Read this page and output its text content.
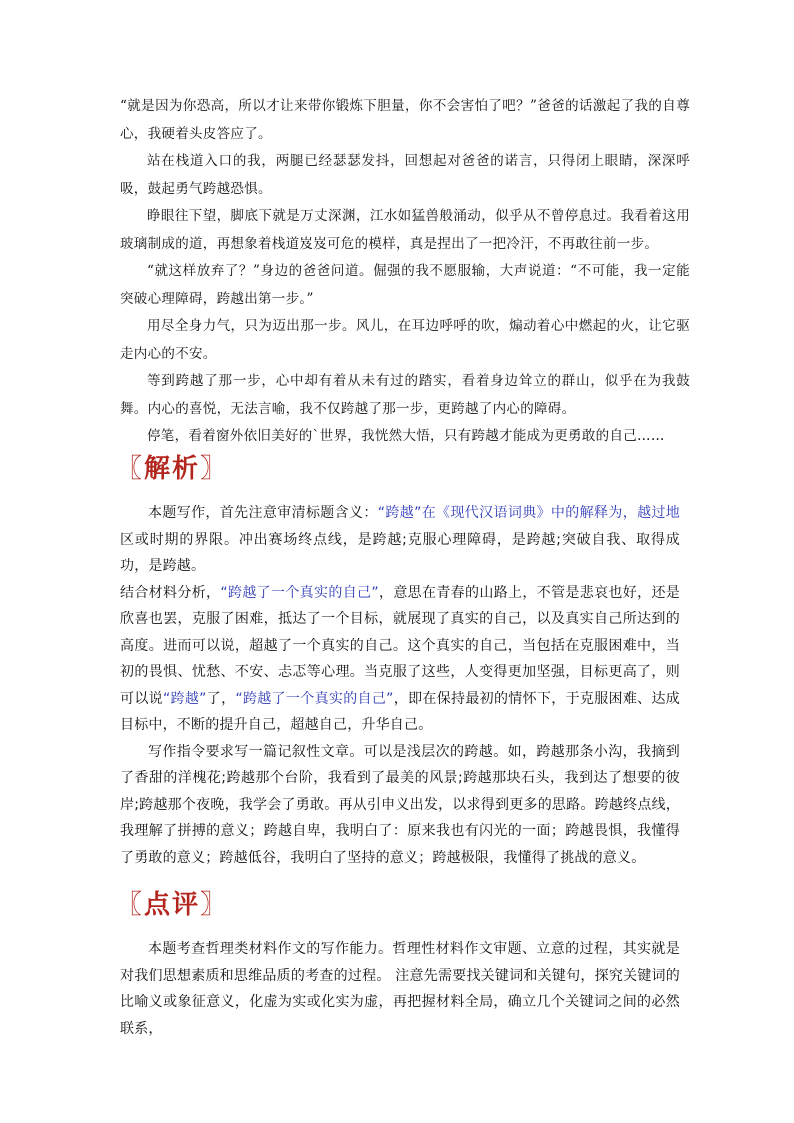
“就是因为你恐高，所以才让来带你锻炼下胆量，你不会害怕了吧？”爸爸的话激起了我的自尊心，我硬着头皮答应了。

站在栈道入口的我，两腿已经瑟瑟发抖，回想起对爸爸的诺言，只得闭上眼睛，深深呼吸，鼓起勇气跨越恐惧。

睁眼往下望，脚底下就是万丈深渊，江水如猛兽般涌动，似乎从不曾停息过。我看着这用玻璃制成的道，再想象着栈道岌岌可危的模样，真是捏出了一把冷汗，不再敢往前一步。

“就这样放弃了？”身边的爸爸问道。倔强的我不愿服输，大声说道：“不可能，我一定能突破心理障碍，跨越出第一步。”

用尽全身力气，只为迈出那一步。风儿，在耳边呼呼的吹，煽动着心中燃起的火，让它驱走内心的不安。

等到跨越了那一步，心中却有着从未有过的踏实，看着身边耸立的群山，似乎在为我鼓舞。内心的喜悦，无法言喻，我不仅跨越了那一步，更跨越了内心的障碍。

停笔，看着窗外依旧美好的`世界，我恍然大悟，只有跨越才能成为更勇敢的自己……

〖解析〗

本题写作，首先注意审清标题含义：“跨越”在《现代汉语词典》中的解释为，越过地区或时期的界限。冲出赛场终点线，是跨越;克服心理障碍，是跨越;突破自我、取得成功，是跨越。

结合材料分析，“跨越了一个真实的自己”，意思在青春的山路上，不管是悲哀也好，还是欣喜也罢，克服了困难，抵达了一个目标，就展现了真实的自己，以及真实自己所达到的高度。进而可以说，超越了一个真实的自己。这个真实的自己，当包括在克服困难中，当初的畏惧、忧愁、不安、忐忑等心理。当克服了这些，人变得更加坚强，目标更高了，则可以说“跨越”了，“跨越了一个真实的自己”，即在保持最初的情怀下，于克服困难、达成目标中，不断的提升自己，超越自己，升华自己。

写作指令要求写一篇记叙性文章。可以是浅层次的跨越。如，跨越那条小沟，我摘到了香甜的洋槐花;跨越那个台阶，我看到了最美的风景;跨越那块石头，我到达了想要的彼岸;跨越那个夜晚，我学会了勇敢。再从引申义出发，以求得到更多的思路。跨越终点线，我理解了拼搏的意义；跨越自卑，我明白了：原来我也有闪光的一面；跨越畏惧，我懂得了勇敢的意义；跨越低谷，我明白了坚持的意义；跨越极限，我懂得了挑战的意义。

〖点评〗

本题考查哲理类材料作文的写作能力。哲理性材料作文审题、立意的过程，其实就是对我们思想素质和思维品质的考查的过程。 注意先需要找关键词和关键句，探究关键词的比喻义或象征意义，化虚为实或化实为虚，再把握材料全局，确立几个关键词之间的必然联系，
